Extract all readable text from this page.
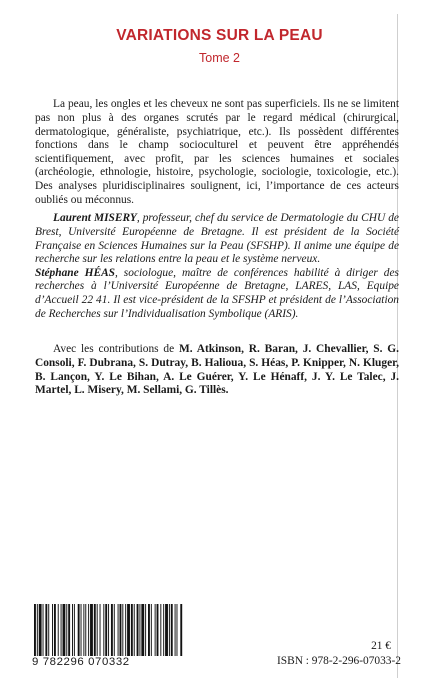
VARIATIONS SUR LA PEAU
Tome 2

La peau, les ongles et les cheveux ne sont pas superficiels. Ils ne se limitent pas non plus à des organes scrutés par le regard médical (chirurgical, dermatologique, généraliste, psychiatrique, etc.). Ils possèdent différentes fonctions dans le champ socioculturel et peuvent être appréhendés scientifiquement, avec profit, par les sciences humaines et sociales (archéologie, ethnologie, histoire, psychologie, sociologie, toxicologie, etc.). Des analyses pluridisciplinaires soulignent, ici, l’importance de ces acteurs oubliés ou méconnus.

Laurent MISERY, professeur, chef du service de Dermatologie du CHU de Brest, Université Européenne de Bretagne. Il est président de la Société Française en Sciences Humaines sur la Peau (SFSHP). Il anime une équipe de recherche sur les relations entre la peau et le système nerveux.
Stéphane HÉAS, sociologue, maître de conférences habilité à diriger des recherches à l’Université Européenne de Bretagne, LARES, LAS, Equipe d’Accueil 22 41. Il est vice-président de la SFSHP et président de l’Association de Recherches sur l’Individualisation Symbolique (ARIS).

Avec les contributions de M. Atkinson, R. Baran, J. Chevallier, S. G. Consoli, F. Dubrana, S. Dutray, B. Halioua, S. Héas, P. Knipper, N. Kluger, B. Lançon, Y. Le Bihan, A. Le Guérer, Y. Le Hénaff, J. Y. Le Talec, J. Martel, L. Misery, M. Sellami, G. Tillès.

9 782296 070332
21 €
ISBN : 978-2-296-07033-2
